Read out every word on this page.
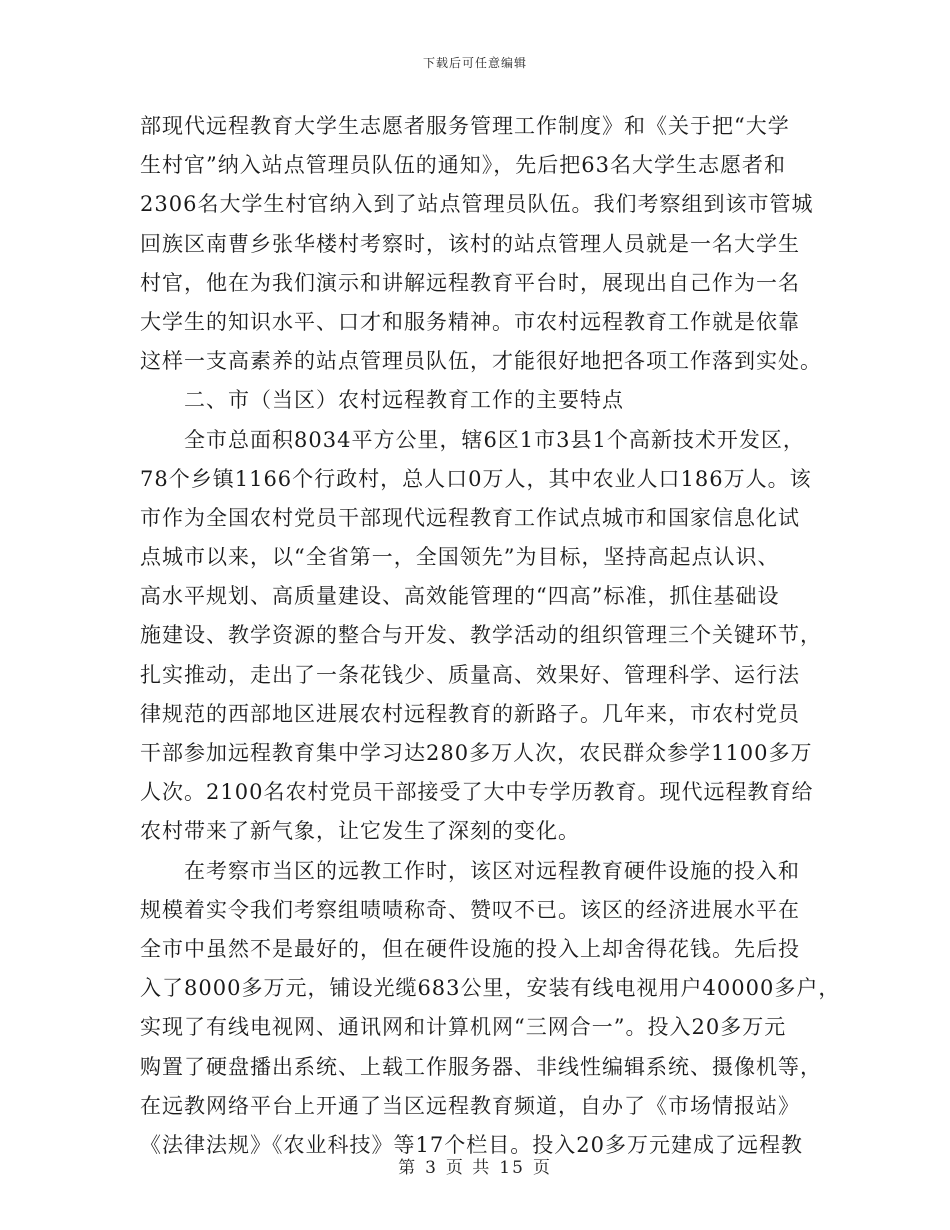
下载后可任意编辑
部现代远程教育大学生志愿者服务管理工作制度》和《关于把“大学
生村官”纳入站点管理员队伍的通知》，先后把63名大学生志愿者和
2306名大学生村官纳入到了站点管理员队伍。我们考察组到该市管城
回族区南曹乡张华楼村考察时，该村的站点管理人员就是一名大学生
村官，他在为我们演示和讲解远程教育平台时，展现出自己作为一名
大学生的知识水平、口才和服务精神。市农村远程教育工作就是依靠
这样一支高素养的站点管理员队伍，才能很好地把各项工作落到实处。
二、市（当区）农村远程教育工作的主要特点
全市总面积8034平方公里，辖6区1市3县1个高新技术开发区，
78个乡镇1166个行政村，总人口0万人，其中农业人口186万人。该
市作为全国农村党员干部现代远程教育工作试点城市和国家信息化试
点城市以来，以“全省第一，全国领先”为目标，坚持高起点认识、
高水平规划、高质量建设、高效能管理的“四高”标准，抓住基础设
施建设、教学资源的整合与开发、教学活动的组织管理三个关键环节，
扎实推动，走出了一条花钱少、质量高、效果好、管理科学、运行法
律规范的西部地区进展农村远程教育的新路子。几年来，市农村党员
干部参加远程教育集中学习达280多万人次，农民群众参学1100多万
人次。2100名农村党员干部接受了大中专学历教育。现代远程教育给
农村带来了新气象，让它发生了深刻的变化。
在考察市当区的远教工作时，该区对远程教育硬件设施的投入和
规模着实令我们考察组啧啧称奇、赞叹不已。该区的经济进展水平在
全市中虽然不是最好的，但在硬件设施的投入上却舍得花钱。先后投
入了8000多万元，铺设光缆683公里，安装有线电视用户40000多户，
实现了有线电视网、通讯网和计算机网“三网合一”。投入20多万元
购置了硬盘播出系统、上载工作服务器、非线性编辑系统、摄像机等，
在远教网络平台上开通了当区远程教育频道，自办了《市场情报站》
《法律法规》《农业科技》等17个栏目。投入20多万元建成了远程教
第 3 页 共 15 页
